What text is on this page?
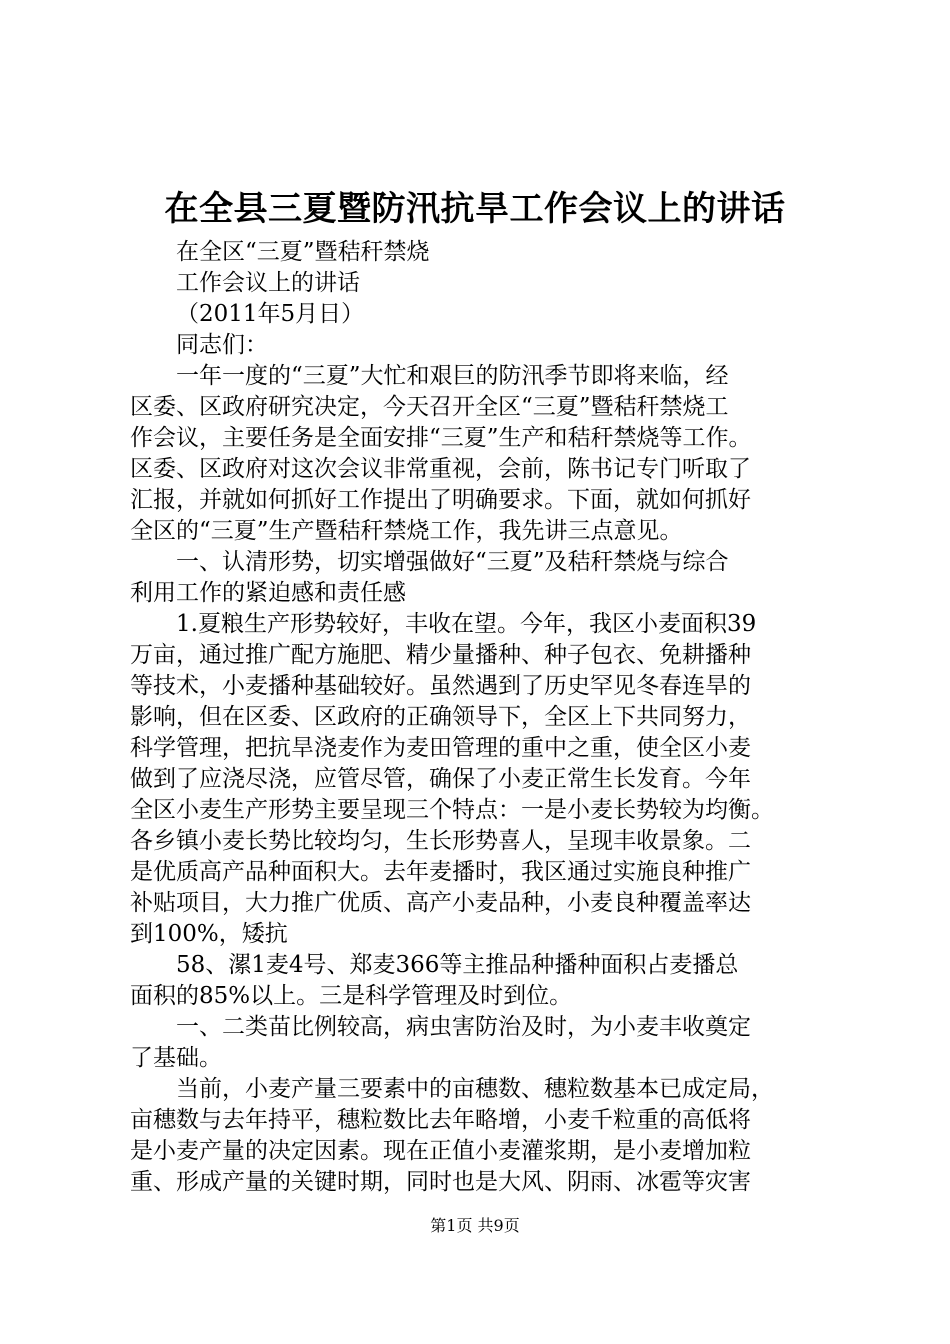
在全县三夏暨防汛抗旱工作会议上的讲话
在全区“三夏”暨秸秆禁烧
工作会议上的讲话
（2011年5月日）
同志们：
一年一度的“三夏”大忙和艰巨的防汛季节即将来临，经
区委、区政府研究决定，今天召开全区“三夏”暨秸秆禁烧工
作会议，主要任务是全面安排“三夏”生产和秸秆禁烧等工作。
区委、区政府对这次会议非常重视，会前，陈书记专门听取了
汇报，并就如何抓好工作提出了明确要求。下面，就如何抓好
全区的“三夏”生产暨秸秆禁烧工作，我先讲三点意见。
一、认清形势，切实增强做好“三夏”及秸秆禁烧与综合
利用工作的紧迫感和责任感
1.夏粮生产形势较好，丰收在望。今年，我区小麦面积39
万亩，通过推广配方施肥、精少量播种、种子包衣、免耕播种
等技术，小麦播种基础较好。虽然遇到了历史罕见冬春连旱的
影响，但在区委、区政府的正确领导下，全区上下共同努力，
科学管理，把抗旱浇麦作为麦田管理的重中之重，使全区小麦
做到了应浇尽浇，应管尽管，确保了小麦正常生长发育。今年
全区小麦生产形势主要呈现三个特点：一是小麦长势较为均衡。
各乡镇小麦长势比较均匀，生长形势喜人，呈现丰收景象。二
是优质高产品种面积大。去年麦播时，我区通过实施良种推广
补贴项目，大力推广优质、高产小麦品种，小麦良种覆盖率达
到100%，矮抗
58、漯1麦4号、郑麦366等主推品种播种面积占麦播总
面积的85%以上。三是科学管理及时到位。
一、二类苗比例较高，病虫害防治及时，为小麦丰收奠定
了基础。
当前，小麦产量三要素中的亩穗数、穗粒数基本已成定局，
亩穗数与去年持平，穗粒数比去年略增，小麦千粒重的高低将
是小麦产量的决定因素。现在正值小麦灌浆期，是小麦增加粒
重、形成产量的关键时期，同时也是大风、阴雨、冰雹等灾害
第1页 共9页
